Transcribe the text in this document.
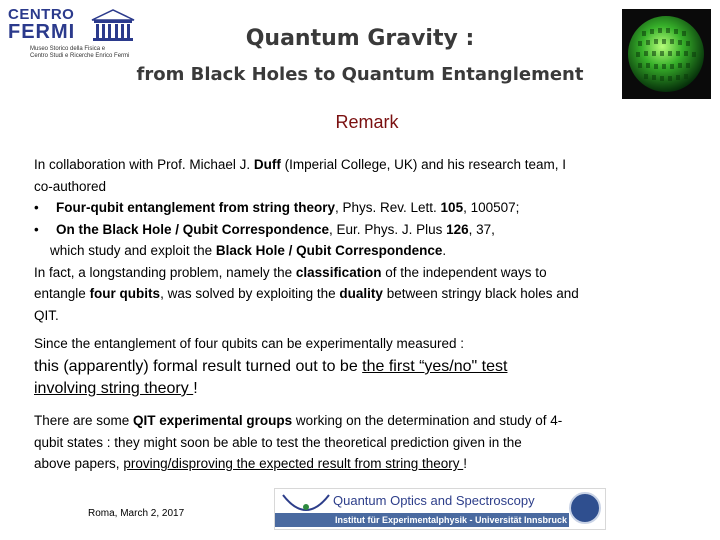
CENTRO
FERMI
Museo Storico della Fisica e
Centro Studi e Ricerche Enrico Fermi
Quantum Gravity :
from Black Holes to Quantum Entanglement
Remark
In collaboration with Prof. Michael J. Duff (Imperial College, UK) and his research team, I
co-authored
• Four-qubit entanglement from string theory, Phys. Rev. Lett. 105, 100507;
• On the Black Hole / Qubit Correspondence, Eur. Phys. J. Plus 126, 37,
which study and exploit the Black Hole / Qubit Correspondence.
In fact, a longstanding problem, namely the classification of the independent ways to
entangle four qubits, was solved by exploiting the duality between stringy black holes and
QIT.
Since the entanglement of four qubits can be experimentally measured :
this (apparently) formal result turned out to be the first “yes/no" test
involving string theory !
There are some QIT experimental groups working on the determination and study of 4-
qubit states : they might soon be able to test the theoretical prediction given in the
above papers, proving/disproving the expected result from string theory !
Roma, March 2, 2017
Quantum Optics and Spectroscopy
Institut für Experimentalphysik - Universität Innsbruck
